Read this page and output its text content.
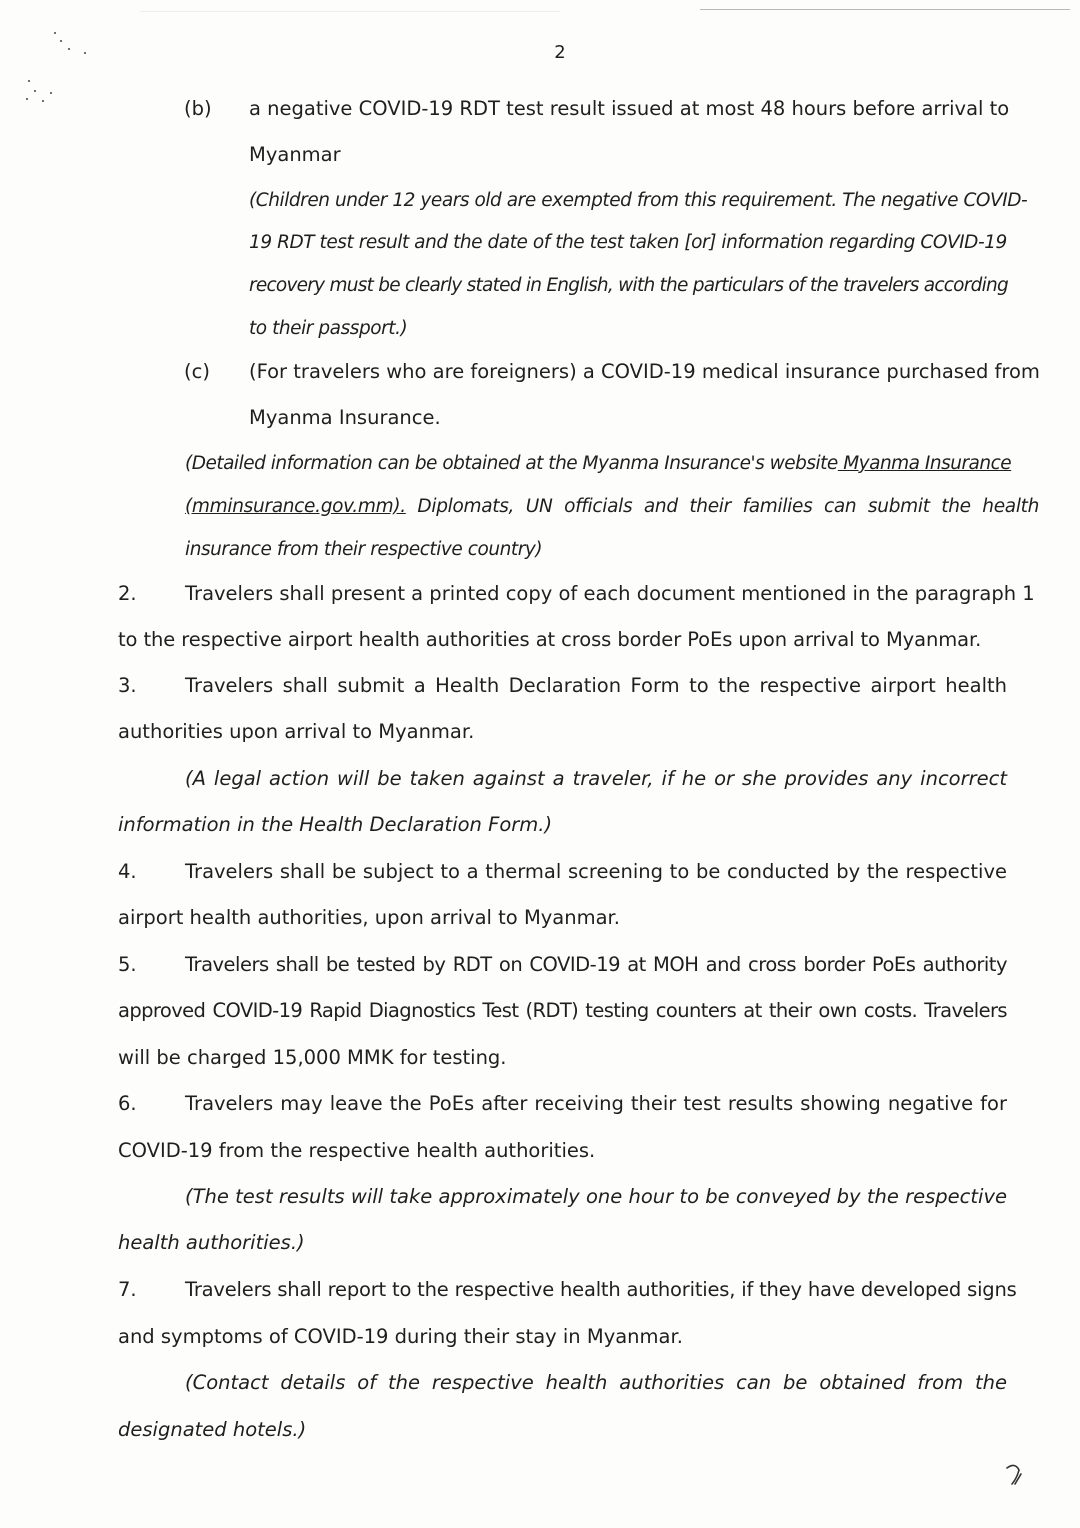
2
(b) a negative COVID-19 RDT test result issued at most 48 hours before arrival to
Myanmar
(Children under 12 years old are exempted from this requirement. The negative COVID-
19 RDT test result and the date of the test taken [or] information regarding COVID-19
recovery must be clearly stated in English, with the particulars of the travelers according
to their passport.)
(c) (For travelers who are foreigners) a COVID-19 medical insurance purchased from
Myanma Insurance.
(Detailed information can be obtained at the Myanma Insurance's website Myanma Insurance
(mminsurance.gov.mm). Diplomats, UN officials and their families can submit the health
insurance from their respective country)
2. Travelers shall present a printed copy of each document mentioned in the paragraph 1
to the respective airport health authorities at cross border PoEs upon arrival to Myanmar.
3. Travelers shall submit a Health Declaration Form to the respective airport health
authorities upon arrival to Myanmar.
(A legal action will be taken against a traveler, if he or she provides any incorrect
information in the Health Declaration Form.)
4. Travelers shall be subject to a thermal screening to be conducted by the respective
airport health authorities, upon arrival to Myanmar.
5. Travelers shall be tested by RDT on COVID-19 at MOH and cross border PoEs authority
approved COVID-19 Rapid Diagnostics Test (RDT) testing counters at their own costs. Travelers
will be charged 15,000 MMK for testing.
6. Travelers may leave the PoEs after receiving their test results showing negative for
COVID-19 from the respective health authorities.
(The test results will take approximately one hour to be conveyed by the respective
health authorities.)
7. Travelers shall report to the respective health authorities, if they have developed signs
and symptoms of COVID-19 during their stay in Myanmar.
(Contact details of the respective health authorities can be obtained from the
designated hotels.)
